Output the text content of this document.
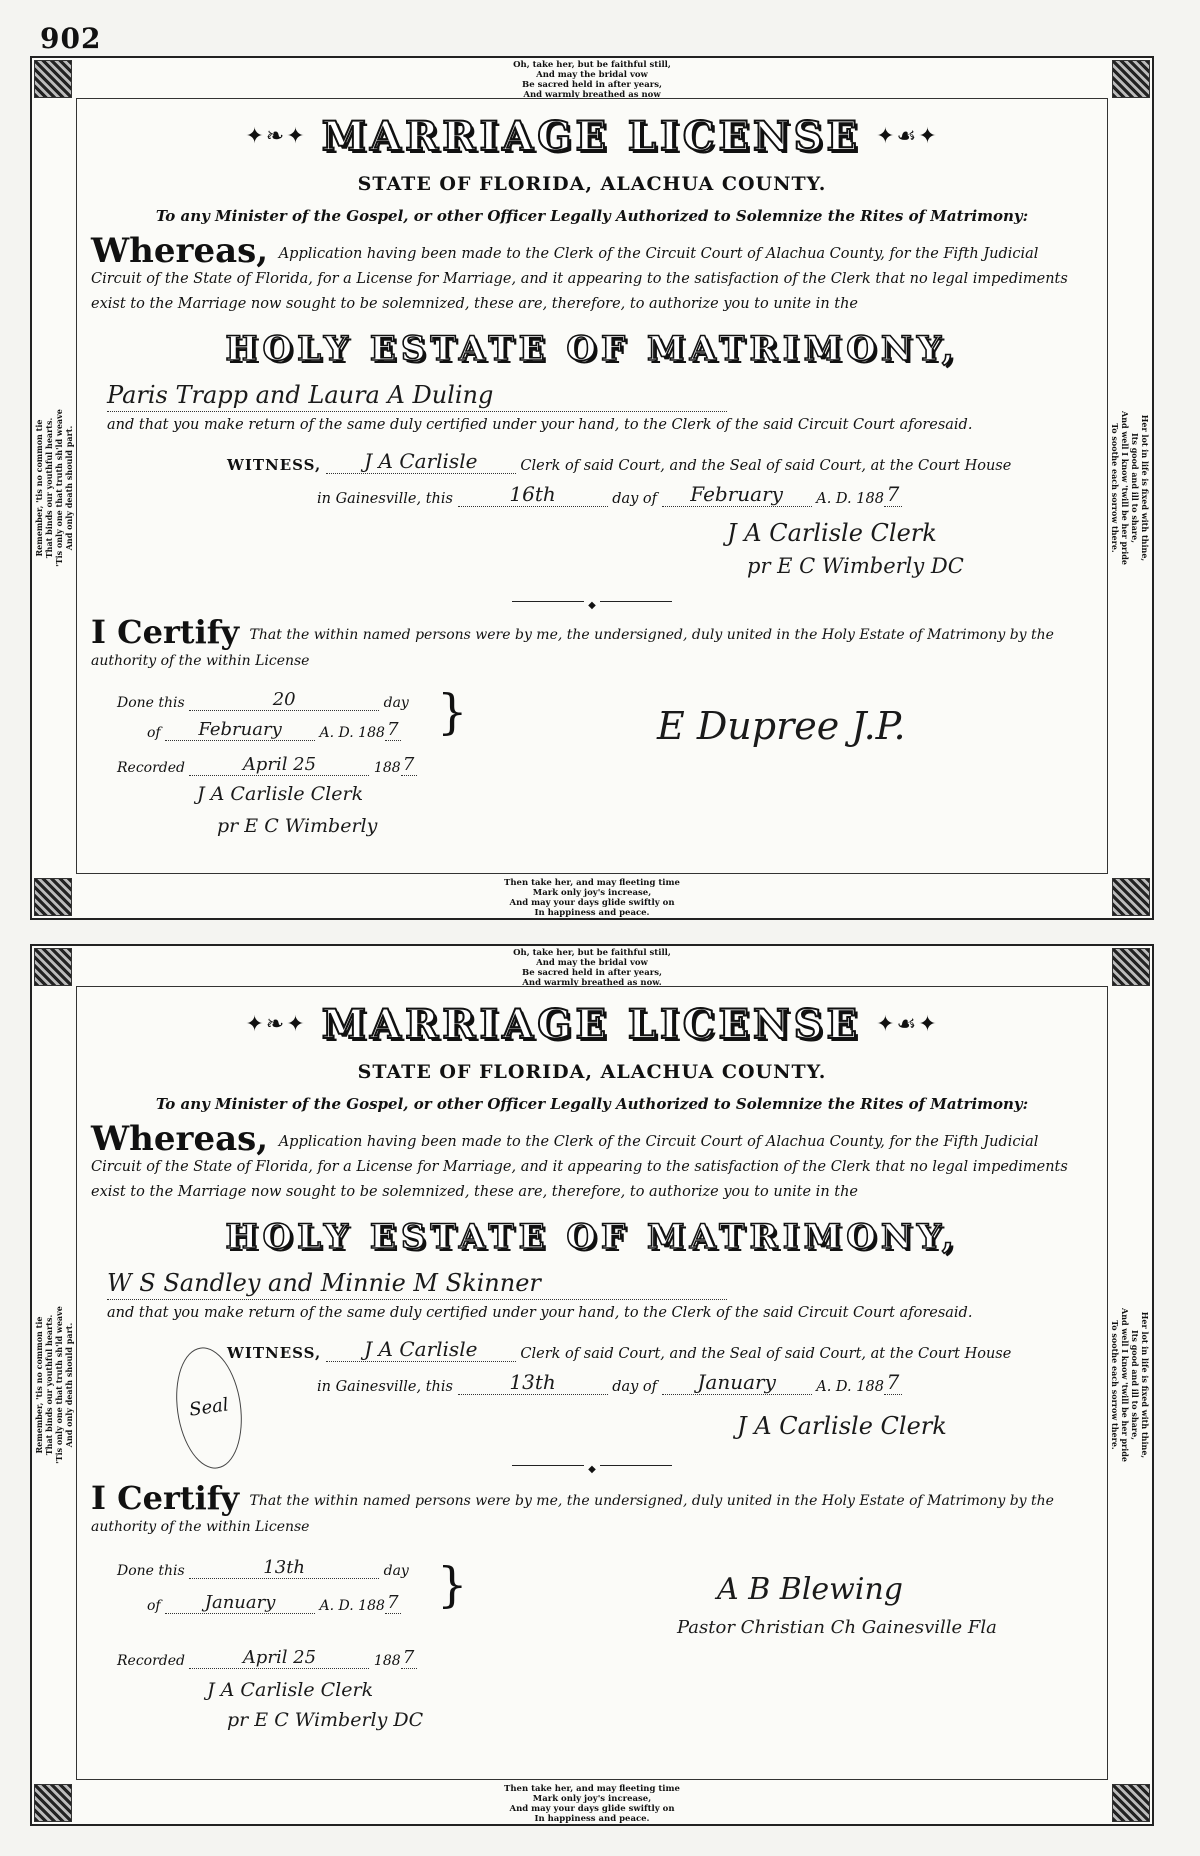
902
Oh, take her, but be faithful still,
And may the bridal vow
Be sacred held in after years,
And warmly breathed as now
Remember, 'tis no common tie That binds our youthful hearts. 'Tis only one that truth sh'ld weave And only death should part.	Her lot in life is fixed with thine,
Its good and ill to share,
And well I know 'twill be her pride
To soothe each sorrow there.
✦❧✦ MARRIAGE LICENSE ✦☙✦
STATE OF FLORIDA, ALACHUA COUNTY.
To any Minister of the Gospel, or other Officer Legally Authorized to Solemnize the Rites of Matrimony:
Whereas, Application having been made to the Clerk of the Circuit Court of Alachua County, for the Fifth Judicial Circuit of the State of Florida, for a License for Marriage, and it appearing to the satisfaction of the Clerk that no legal impediments exist to the Marriage now sought to be solemnized, these are, therefore, to authorize you to unite in the
HOLY ESTATE OF MATRIMONY,
Paris Trapp and Laura A Duling
and that you make return of the same duly certified under your hand, to the Clerk of the said Circuit Court aforesaid.
WITNESS, J A Carlisle	Clerk of said Court, and the Seal of said Court, at the Court House
in Gainesville, this	16th	day of February A. D. 188 7
J A Carlisle Clerk
pr E C Wimberly DC
◆
I Certify That the within named persons were by me, the undersigned, duly united in the Holy Estate of Matrimony by the authority of the within License
Done this	20	day
of February	A. D. 188 7 }	E Dupree J.P.
Recorded	April 25	188 7
J A Carlisle Clerk
pr E C Wimberly
Then take her, and may fleeting time
Mark only joy's increase,
And may your days glide swiftly on
In happiness and peace.
Oh, take her, but be faithful still,
And may the bridal vow
Be sacred held in after years,
And warmly breathed as now.
Remember, 'tis no common tie That binds our youthful hearts. 'Tis only one that truth sh'ld weave And only death should part.	Her lot in life is fixed with thine,
Its good and ill to share,
And well I know 'twill be her pride
To soothe each sorrow there.
✦❧✦ MARRIAGE LICENSE ✦☙✦
STATE OF FLORIDA, ALACHUA COUNTY.
To any Minister of the Gospel, or other Officer Legally Authorized to Solemnize the Rites of Matrimony:
Whereas, Application having been made to the Clerk of the Circuit Court of Alachua County, for the Fifth Judicial Circuit of the State of Florida, for a License for Marriage, and it appearing to the satisfaction of the Clerk that no legal impediments exist to the Marriage now sought to be solemnized, these are, therefore, to authorize you to unite in the
HOLY ESTATE OF MATRIMONY,
W S Sandley and Minnie M Skinner
and that you make return of the same duly certified under your hand, to the Clerk of the said Circuit Court aforesaid.
WITNESS, J A Carlisle	Clerk of said Court, and the Seal of said Court, at the Court House
in Gainesville, this	13th	day of January	A. D. 188 7
Seal
J A Carlisle Clerk
◆
I Certify That the within named persons were by me, the undersigned, duly united in the Holy Estate of Matrimony by the authority of the within License
Done this	13th	day
of January	A. D. 188 7 }	A B Blewing
Pastor Christian Ch Gainesville Fla
Recorded	April 25	188 7
J A Carlisle Clerk
pr E C Wimberly DC
Then take her, and may fleeting time
Mark only joy's increase,
And may your days glide swiftly on
In happiness and peace.
